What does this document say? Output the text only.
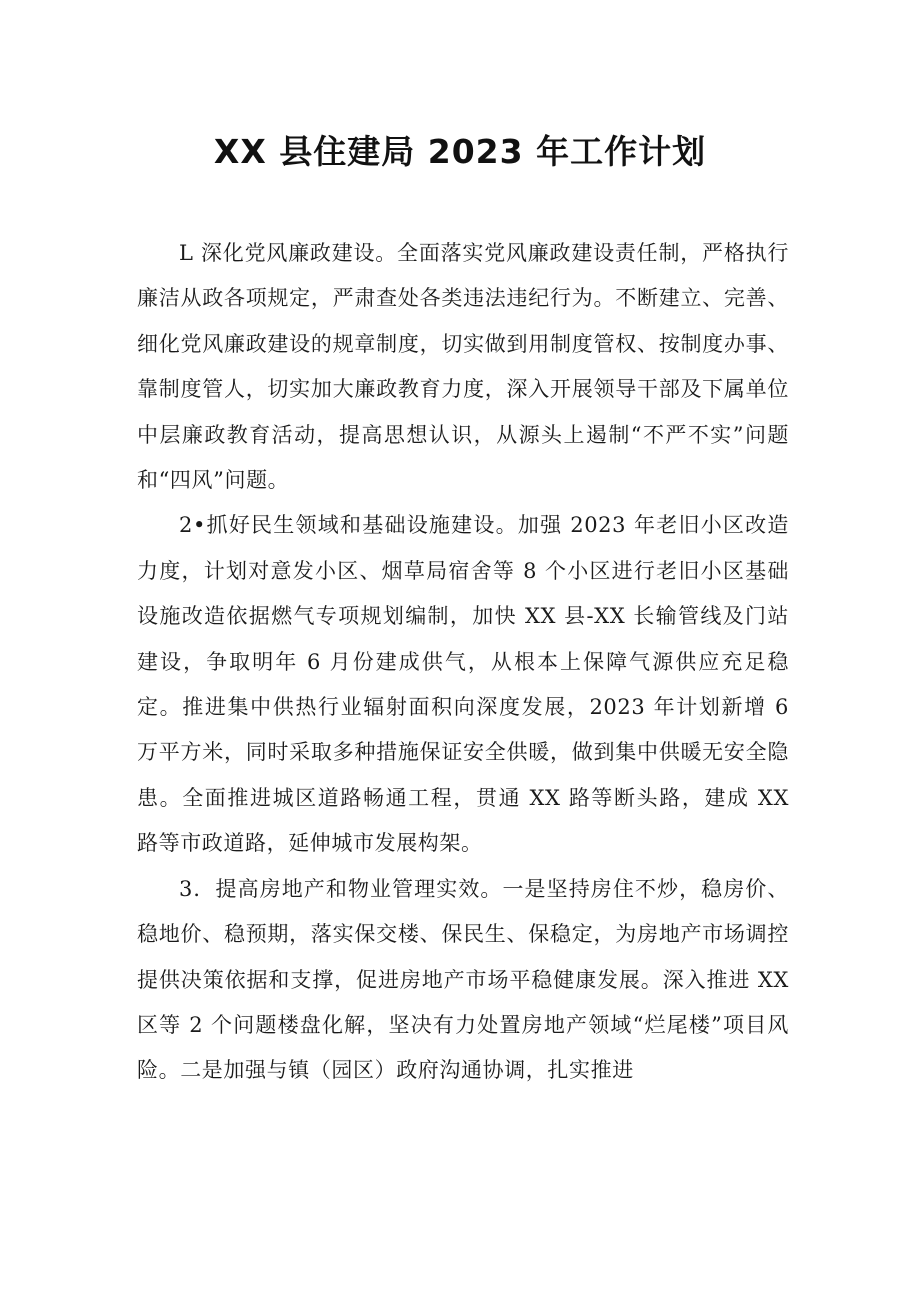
XX 县住建局 2023 年工作计划

L 深化党风廉政建设。全面落实党风廉政建设责任制，严格执行廉洁从政各项规定，严肃查处各类违法违纪行为。不断建立、完善、细化党风廉政建设的规章制度，切实做到用制度管权、按制度办事、靠制度管人，切实加大廉政教育力度，深入开展领导干部及下属单位中层廉政教育活动，提高思想认识，从源头上遏制“不严不实”问题和“四风”问题。

2•抓好民生领域和基础设施建设。加强 2023 年老旧小区改造力度，计划对意发小区、烟草局宿舍等 8 个小区进行老旧小区基础设施改造依据燃气专项规划编制，加快 XX 县-XX 长输管线及门站建设，争取明年 6 月份建成供气，从根本上保障气源供应充足稳定。推进集中供热行业辐射面积向深度发展，2023 年计划新增 6 万平方米，同时采取多种措施保证安全供暖，做到集中供暖无安全隐患。全面推进城区道路畅通工程，贯通 XX 路等断头路，建成 XX 路等市政道路，延伸城市发展构架。

3．提高房地产和物业管理实效。一是坚持房住不炒，稳房价、稳地价、稳预期，落实保交楼、保民生、保稳定，为房地产市场调控提供决策依据和支撑，促进房地产市场平稳健康发展。深入推进 XX 区等 2 个问题楼盘化解，坚决有力处置房地产领域“烂尾楼”项目风险。二是加强与镇（园区）政府沟通协调，扎实推进
